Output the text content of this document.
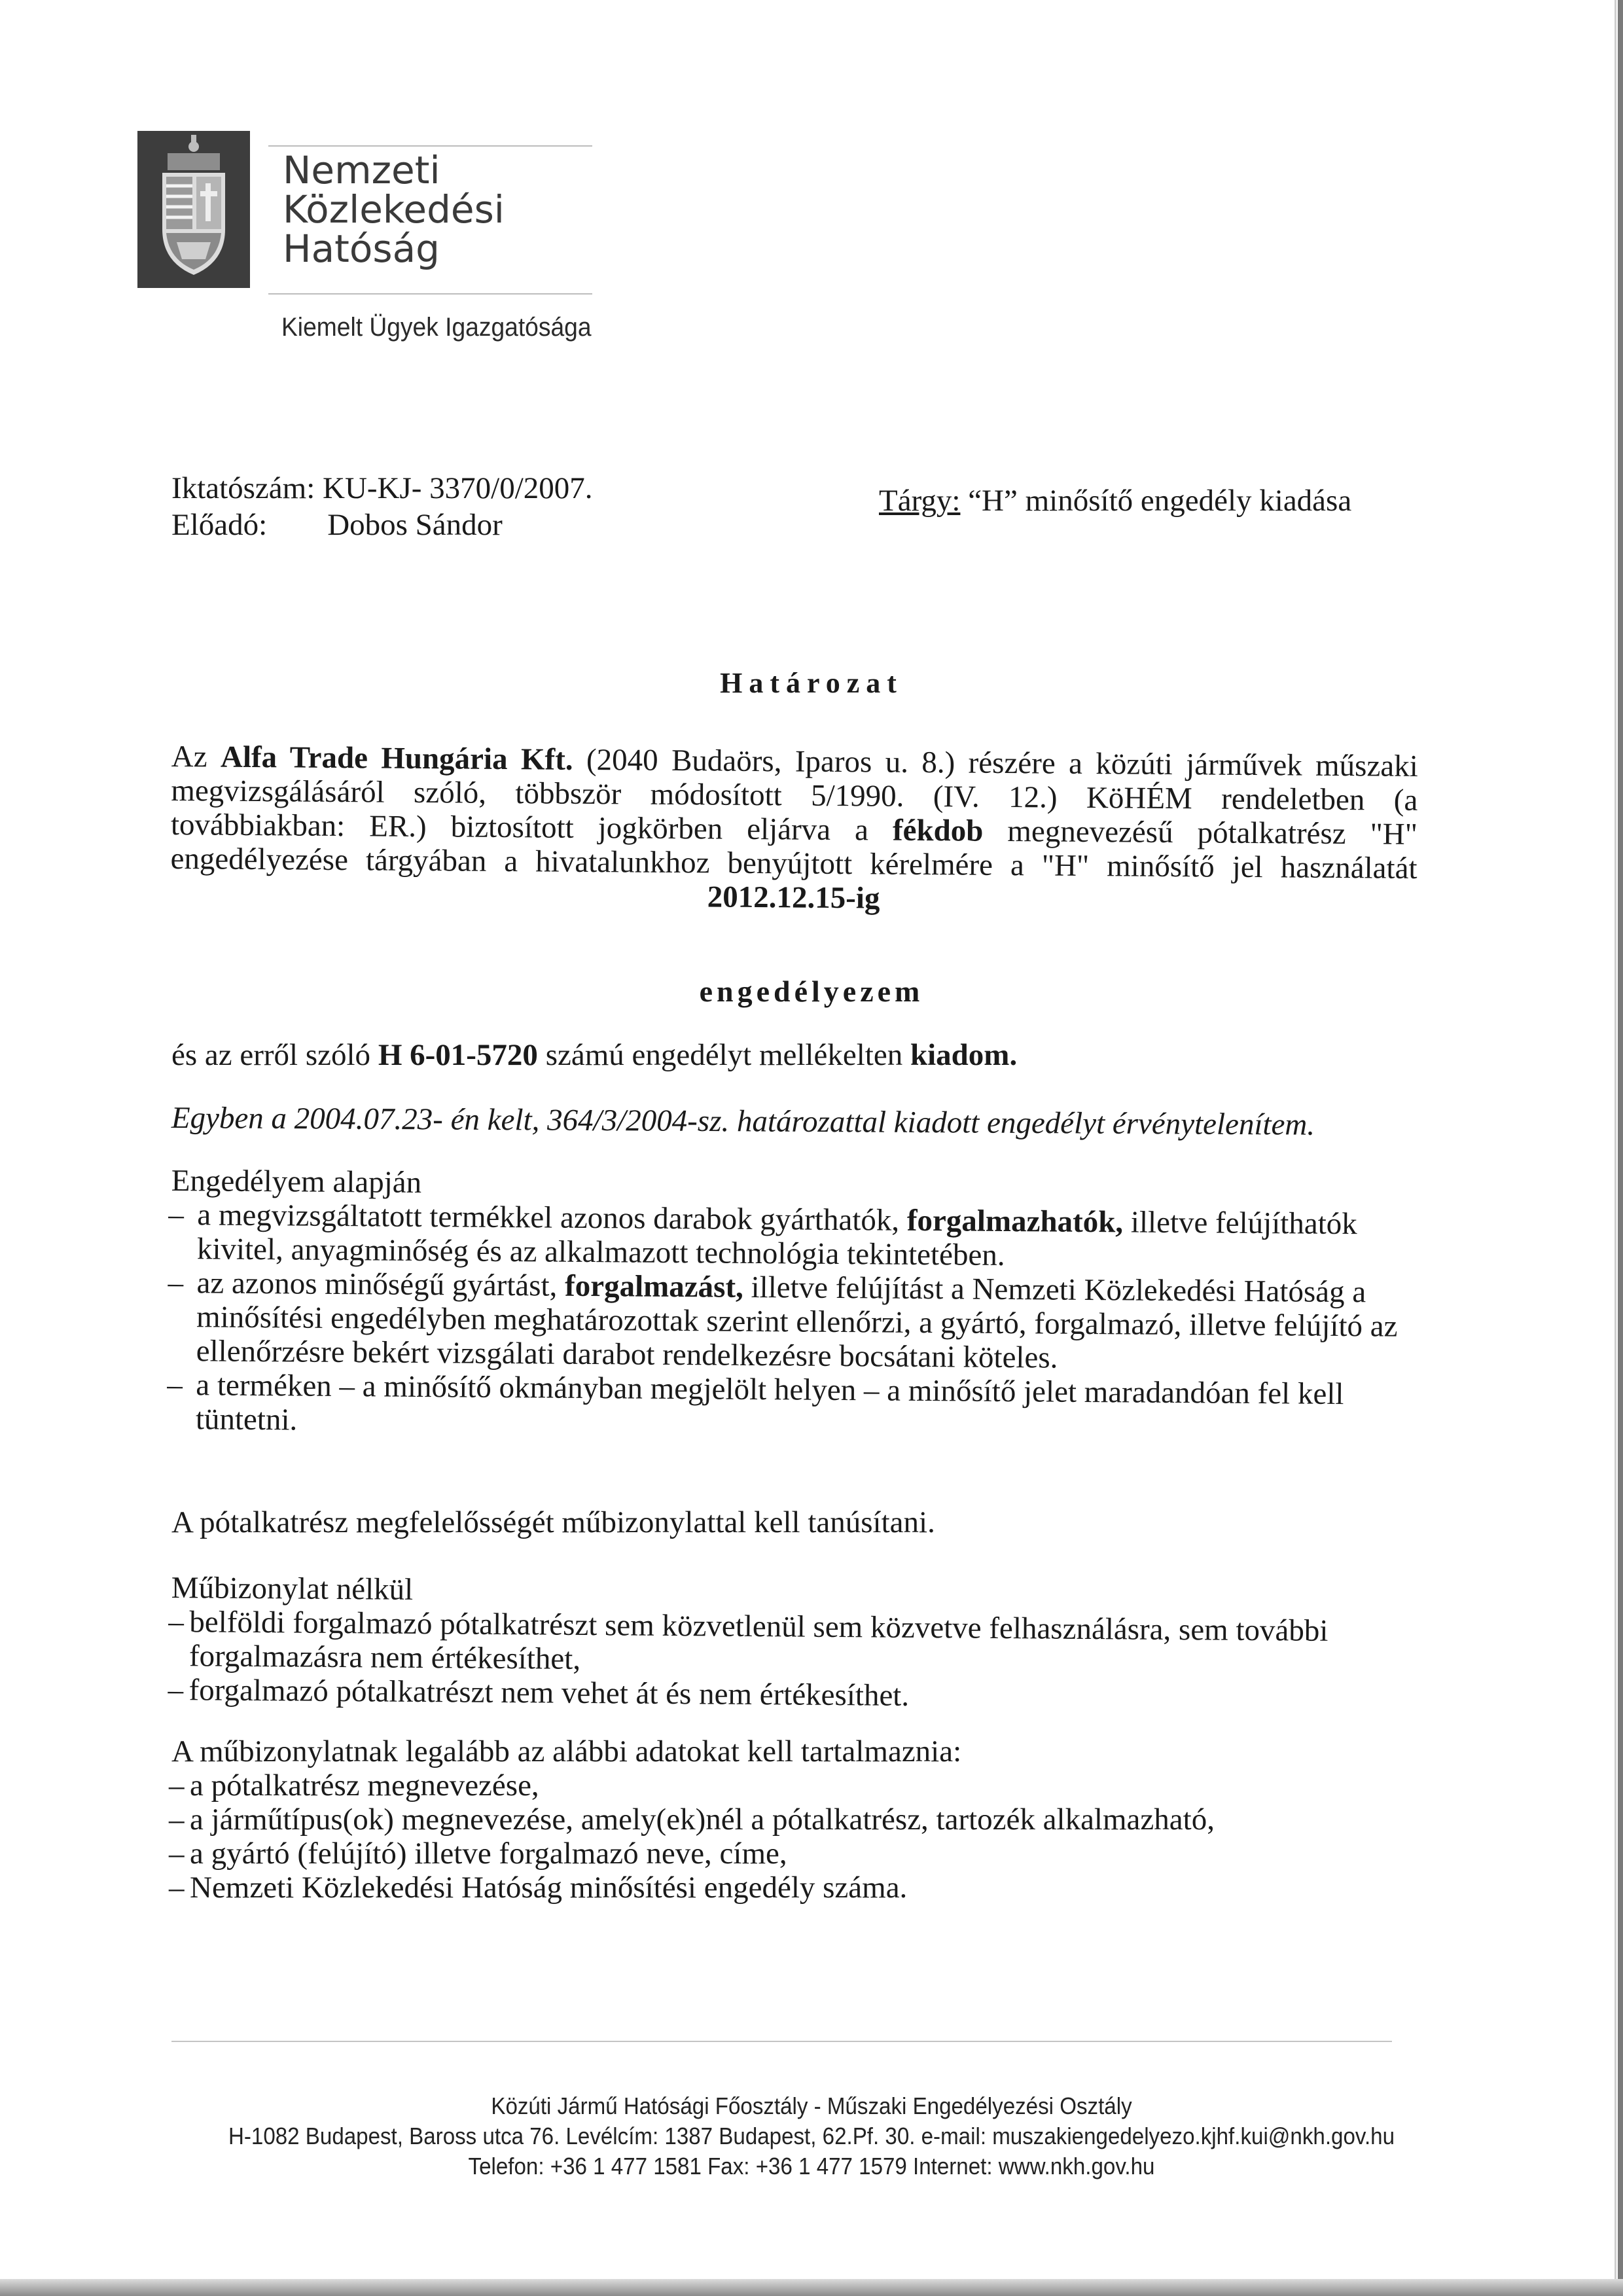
Nemzeti
Közlekedési
Hatóság
Kiemelt Ügyek Igazgatósága
Iktatószám: KU-KJ- 3370/0/2007.
Előadó: Dobos Sándor
Tárgy: “H” minősítő engedély kiadása
Határozat
Az Alfa Trade Hungária Kft. (2040 Budaörs, Iparos u. 8.) részére a közúti járművek műszaki
megvizsgálásáról szóló, többször módosított 5/1990. (IV. 12.) KöHÉM rendeletben (a
továbbiakban: ER.) biztosított jogkörben eljárva a fékdob megnevezésű pótalkatrész "H"
engedélyezése tárgyában a hivatalunkhoz benyújtott kérelmére a "H" minősítő jel használatát
2012.12.15-ig
engedélyezem
és az erről szóló H 6-01-5720 számú engedélyt mellékelten kiadom.
Egyben a 2004.07.23- én kelt, 364/3/2004-sz. határozattal kiadott engedélyt érvénytelenítem.
Engedélyem alapján
– a megvizsgáltatott termékkel azonos darabok gyárthatók, forgalmazhatók, illetve felújíthatók kivitel, anyagminőség és az alkalmazott technológia tekintetében.
– az azonos minőségű gyártást, forgalmazást, illetve felújítást a Nemzeti Közlekedési Hatóság a minősítési engedélyben meghatározottak szerint ellenőrzi, a gyártó, forgalmazó, illetve felújító az ellenőrzésre bekért vizsgálati darabot rendelkezésre bocsátani köteles.
– a terméken – a minősítő okmányban megjelölt helyen – a minősítő jelet maradandóan fel kell tüntetni.
A pótalkatrész megfelelősségét műbizonylattal kell tanúsítani.
Műbizonylat nélkül
– belföldi forgalmazó pótalkatrészt sem közvetlenül sem közvetve felhasználásra, sem további forgalmazásra nem értékesíthet,
– forgalmazó pótalkatrészt nem vehet át és nem értékesíthet.
A műbizonylatnak legalább az alábbi adatokat kell tartalmaznia:
– a pótalkatrész megnevezése,
– a járműtípus(ok) megnevezése, amely(ek)nél a pótalkatrész, tartozék alkalmazható,
– a gyártó (felújító) illetve forgalmazó neve, címe,
– Nemzeti Közlekedési Hatóság minősítési engedély száma.
Közúti Jármű Hatósági Főosztály - Műszaki Engedélyezési Osztály
H-1082 Budapest, Baross utca 76. Levélcím: 1387 Budapest, 62.Pf. 30. e-mail: muszakiengedelyezo.kjhf.kui@nkh.gov.hu
Telefon: +36 1 477 1581 Fax: +36 1 477 1579 Internet: www.nkh.gov.hu
